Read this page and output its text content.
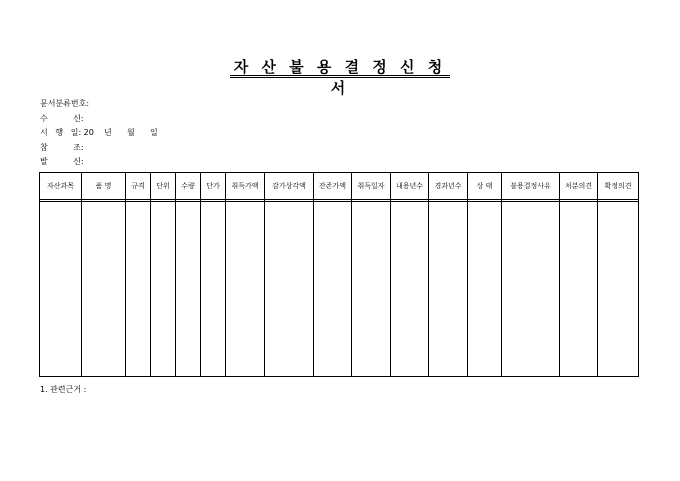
자 산 불 용 결 정 신 청 서
문서분류번호:
수          신:
시   행   일: 20    년      월      일
참          조:
발          신:
자산과목	품 명	규격	단위	수량	단가	취득가액	감가상각액	잔존가액	취득일자	내용년수	경과년수	상 태	불용결정사유	처분의견	확정의견

1. 관련근거 :
